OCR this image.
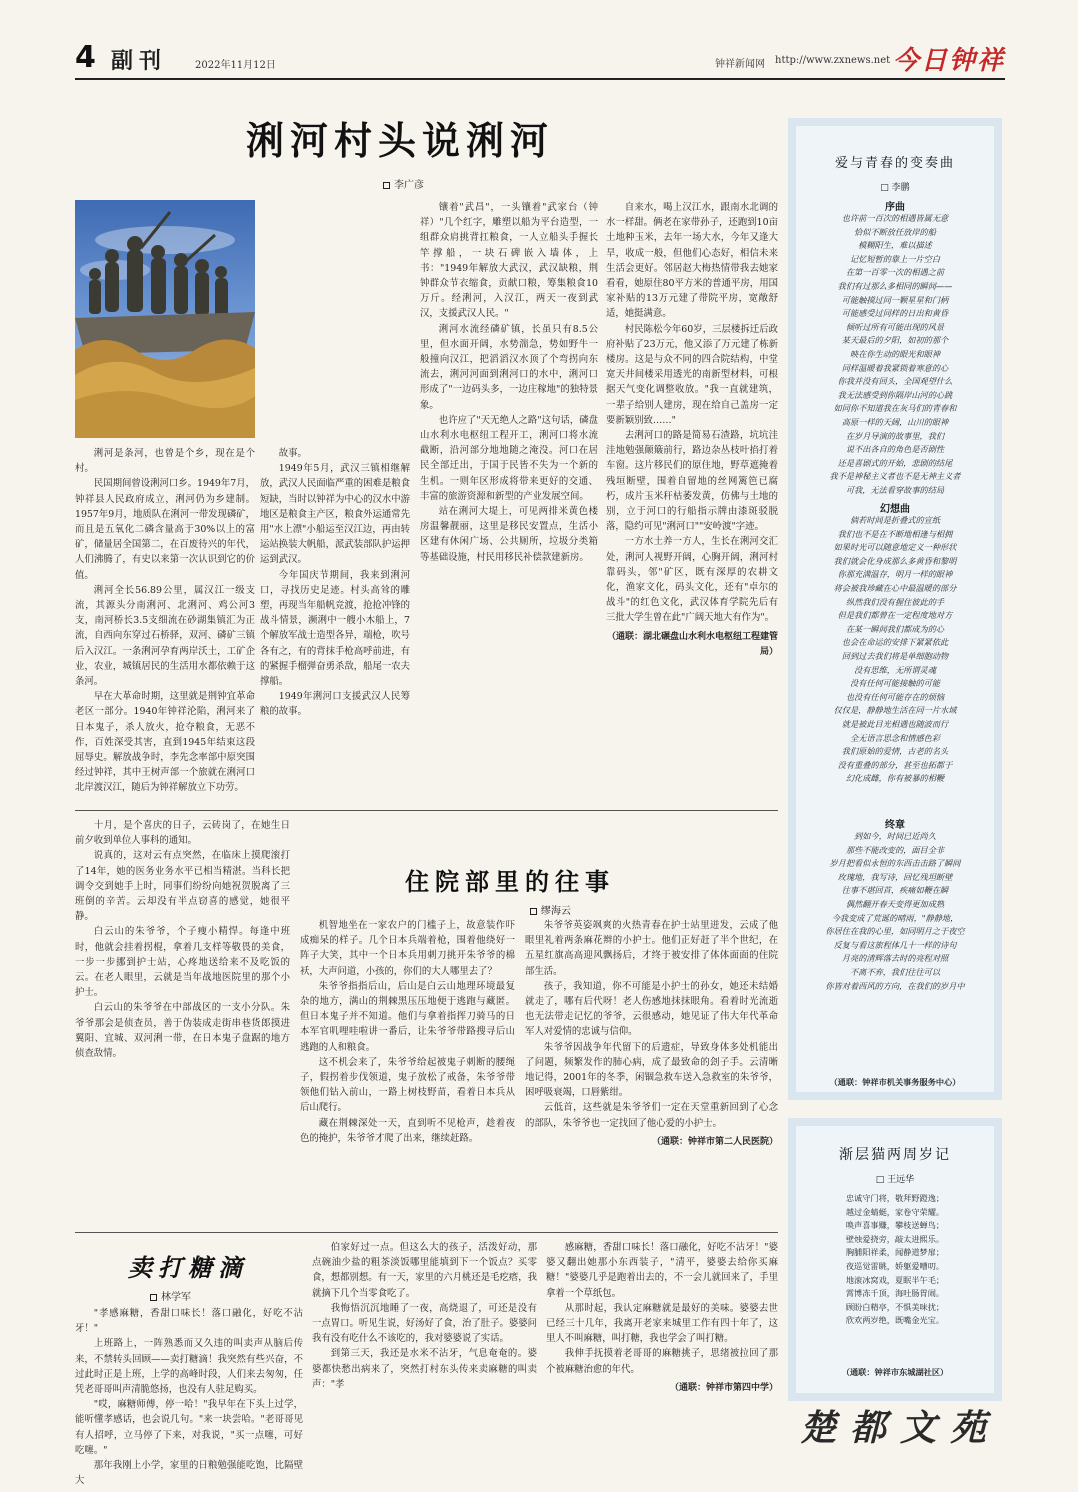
4 副刊	2022年11月12日	钟祥新闻网 http://www.zxnews.net 今日钟祥
浰河村头说浰河
李广彦

浰河是条河，也曾是个乡，现在是个村。

民国期间曾设浰河口乡。1949年7月，钟祥县人民政府成立，浰河仍为乡建制。1957年9月，地质队在浰河一带发现磷矿，而且是五氧化二磷含量高于30%以上的富矿，储量居全国第二，在百废待兴的年代，人们沸腾了，有史以来第一次认识到它的价值。

浰河全长56.89公里，属汉江一级支流，其源头分南浰河、北浰河、鸡公河3支，南河桥长3.5支细流在砂湖集镇汇为正流，自西向东穿过石桥驿，双河、磷矿三镇后入汉江。一条浰河孕育两岸沃土，工矿企业，农业，城镇居民的生活用水都依赖于这条河。

早在大革命时期，这里就是荆钟宜革命老区一部分。1940年钟祥沦陷，浰河来了日本鬼子，杀人放火，抢夺粮食，无恶不作，百姓深受其害，直到1945年结束这段屈辱史。解放战争时，李先念率部中原突围经过钟祥，其中王树声部一个旅就在浰河口北岸渡汉江，随后为钟祥解放立下功劳。

故事。

1949年5月，武汉三镇相继解放，武汉人民面临严重的困难是粮食短缺，当时以钟祥为中心的汉水中游地区是粮食主产区，粮食外运通常先用"水上漂"小船运至汉江边，再由转运站换装大帆船，派武装部队护运押运到武汉。

今年国庆节期间，我来到浰河口，寻找历史足迹。村头高耸的雕塑，再现当年船帆竞渡，抢抢冲锋的战斗情景，濒浰中一艘小木船上，7个解放军战士造型各异，端枪，吹号各有之，有的背抹手枪高呼前进，有的紧握手榴弹奋勇杀敌，船尾一农夫撑船。

1949年浰河口支援武汉人民筹粮的故事。

镶着"武昌"，一头镶着"武家台（钟祥）"几个红字，雕塑以船为平台造型，一组群众肩挑背扛粮食，一人立船头手握长竿撑船，一块石碑嵌入墙体，上书："1949年解放大武汉，武汉缺粮，荆钟群众节衣缩食，贡献口粮，筹集粮食10万斤。经浰河，入汉江，两天一夜到武汉，支援武汉人民。"

浰河水流经磷矿镇，长虽只有8.5公里，但水面开阔，水势湍急，势如野牛一般撞向汉江，把滔滔汉水顶了个弯拐向东流去，浰河河面到浰河口的水中，浰河口形成了"一边码头多，一边庄稼地"的独特景象。

也许应了"天无绝人之路"这句话，磷盘山水利水电枢纽工程开工，浰河口将水流截断，沿河部分地地随之淹没。河口在居民全部迁出，于国于民皆不失为一个新的生机。一则年区形成将带来更好的交通、丰富的旅游资源和新型的产业发展空间。

站在浰河大堤上，可见两排米黄色楼房温馨靓丽，这里是移民安置点，生活小区建有休闲广场、公共厕所，垃圾分类箱等基础设施，村民用移民补偿款建新房。

自来水，喝上汉江水，跟南水北调的水一样甜。俩老在家带孙子，还跑到10亩土地种玉米，去年一场大水，今年又逢大旱，收成一般，但他们心态好，相信未来生活会更好。邻居赵大梅热情带我去她家看看，她原住80平方米的普通平房，用国家补贴的13万元建了带院平房，宽敞舒适，她挺满意。

村民陈松今年60岁，三层楼拆迁后政府补贴了23万元，他又添了万元建了栋新楼房。这是与众不同的四合院结构，中堂宽天井间楼采用透光的南新型材料，可根据天气变化调整收放。"我一直就建筑，一辈子给别人建房，现在给自己盖房一定要新颖别致……"

去浰河口的路是简易石渣路，坑坑洼洼地勉强颠簸前行，路边杂丛枝叶掐打着车窗。这片移民们的原住地，野草遮掩着残垣断壁，围着自留地的丝网篱笆已腐朽，成片玉米秆枯萎发黄，仿佛与土地的别，立于河口的行船指示牌由漆斑驳脱落，隐约可见"浰河口""安岭渡"字迹。

一方水土养一方人，生长在浰河交汇处，浰河人视野开阔，心胸开阔，浰河村靠码头，邻"矿区，既有深厚的农耕文化，渔家文化，码头文化，还有"卓尔的战斗"的红色文化，武汉体育学院先后有三批大学生曾在此"广阔天地大有作为"。

（通联：湖北碾盘山水利水电枢纽工程建管局）

住院部里的往事
缪海云

十月，是个喜庆的日子，云砖岗了，在她生日前夕收到单位人事科的通知。

说真的，这对云有点突然，在临床上摸爬滚打了14年，她的医务业务水平已相当精湛。当科长把调令交到她手上时，同事们纷纷向她祝贺脱离了三班倒的辛苦。云却没有半点窃喜的感觉，她很平静。

白云山的朱爷爷，个子瘦小精悍。每逢中班时，他就会挂着拐棍，拿着几支样等敬畏的美食，一步一步挪到护士站，心疼地送给来不及吃饭的云。在老人眼里，云就是当年战地医院里的那个小护士。

白云山的朱爷爷在中部战区的一支小分队。朱爷爷那会是侦查员，善于伪装成走街串巷货郎摸进翼阳、宜城、双河浰一带，在日本鬼子盘踞的地方侦查敌情。

机智地坐在一家农户的门槛子上，故意装作吓成痴呆的样子。几个日本兵端着枪，围着他绕好一阵子大笑，其中一个日本兵用刺刀挑开朱爷爷的棉袄，大声问道，小孩的，你们的大人哪里去了？

朱爷爷指指后山，后山是白云山地理环境最复杂的地方，满山的荆棘黑压压地便于逃跑与藏匿。但日本鬼子并不知道。他们与拿着指挥刀骑马的日本军官叽哩哇啦讲一番后，让朱爷爷带路搜寻后山逃跑的人和粮食。

这不机会来了，朱爷爷给起被鬼子刺断的腰绳子，假拐着步伐领道，鬼子放松了戒备，朱爷爷带领他们钻入前山，一路上树枝野苗，看着日本兵从后山爬行。

藏在荆棘深处一天，直到听不见枪声，趁着夜色的掩护，朱爷爷才爬了出来，继续赶路。

朱爷爷英姿飒爽的火热青春在护士站里迸发，云成了他眼里礼着两条麻花辫的小护士。他们正好赶了半个世纪，在五星红旗高高迎风飘扬后，才终于被安排了体体面面的住院部生活。

孩子，我知道，你不可能是小护士的孙女，她还未结婚就走了，哪有后代呀！老人伤感地抹抹眼角。看着时光流逝也无法带走记忆的爷爷，云很感动，她见证了伟大年代革命军人对爱情的忠诚与信仰。

朱爷爷因战争年代留下的后遗症，导致身体多处机能出了问题，频繁发作的肺心病，成了最致命的刽子手。云清晰地记得，2001年的冬季，闲锢急救车送入急救室的朱爷爷，困呼吸衰竭，口唇紫绀。

云低首，这些就是朱爷爷们一定在天堂重新回到了心念的部队，朱爷爷也一定找回了他心爱的小护士。

（通联：钟祥市第二人民医院）

卖打糖滴
林学军

"孝感麻糖，香甜口味长！落口融化，好吃不沾牙！"

上班路上，一阵熟悉而又久违的叫卖声从脑后传来，不禁转头回顾——卖打糖滴！我突然有些兴奋，不过此时正是上班，上学的高峰时段，人们来去匆匆，任凭老哥哥叫声清脆悠扬，也没有人驻足购买。

"哎，麻糖师傅，停一哈！"我早年在下头上过学，能听懂孝感话，也会说几句。"来一块尝哈。"老哥哥见有人招呼，立马停了下来，对我说，"买一点噻，可好吃噻。"

那年我刚上小学，家里的日粮勉强能吃饱，比隔壁大

伯家好过一点。但这么大的孩子，活泼好动，那点碗油少盐的粗茶淡饭哪里能填到下一个饭点？买零食，想都别想。有一天，家里的六月桃还是毛疙瘩，我就摘下几个当零食吃了。

我悔悟沉沉地睡了一夜，高烧退了，可还是没有一点胃口。听见生说，好汤好了食，治了肚子。婆婆问我有没有吃什么不该吃的，我对婆婆说了实话。

到第三天，我还是水米不沾牙，气息奄奄的。婆婆都快愁出病来了，突然打村东头传来卖麻糖的叫卖声："孝

感麻糖，香甜口味长！落口融化，好吃不沾牙！"婆婆又翻出她那小东西装子，"清平，婆婆去给你买麻糖！"婆婆几乎是跑着出去的，不一会儿就回来了，手里拿着一个草纸包。

从那时起，我认定麻糖就是最好的美味。婆婆去世已经三十几年，我离开老家来城里工作有四十年了，这里人不叫麻糖，叫打糖，我也学会了叫打糖。

我伸手抚摸着老哥哥的麻糖挑子，思绪被拉回了那个被麻糖治愈的年代。

（通联：钟祥市第四中学）

爱与青春的变奏曲
□ 李鹏
序曲
也许前一百次的相遇皆属无意
恰似不断放任放岸的船
模糊阳生，难以描述
记忆短暂的靠上一片空白
在第一百零一次的相遇之前
我们有过那么多相同的瞬间——
可能触摸过同一颗星星和门柄
可能感受过同样的日出和黄昏
倾听过所有可能出现的风景
某天最后的夕阳，如初的那个
映在你生动的眼光和眼神
同样温暖着我紧锁着寒意的心
你我并没有回头，全国观望什么
我无法感受到你隔岸山河的心跳
如同你不知道我在灰马们的青春和
高原一样的天阔，山川的眼神
在岁月导演的故事里，我们
说不出各自的角色是否剧性
还是喜剧式的开始，悲剧的结尾
我不是神秘主义者也不是无神主义者
可我，无法看穿故事的结局
幻想曲
倘若时间是折叠式的宣纸
我们也不是在不断地相逢与相拥
如果时光可以随意地定义一种形状
我们就会化身成那么多黄昏和黎明
你那充满温存，明月一样的眼神
将会被我珍藏在心中最温暖的部分
纵然我们没有握住彼此的手
但是我们都曾在一定程度地对方
在某一瞬间我们都成为的心
也会在命运的安排下紧紧依此
回到过去我们将是单细胞动物
没有思维，无所谓灵魂
没有任何可能接触的可能
也没有任何可能存在的烦恼
仅仅是，静静地生活在同一片水域
就是被此目光相遇也随波而行
全无语言思念和情感色彩
我们原始的爱情，古老的名头
没有重叠的部分，甚至也拓都于
幻化成雌，你有被暴的相鞭
终章
到如今，时间已近尚久
那些不能改变的，面目全非
岁月把看似永恒的东西击击路了瞬间
玫瑰地，我写诗，回忆残坦断壁
往事不堪回首，疾痛如鞭在瞬
偶然翻开春天变得更加成熟
今我变成了荒诞的晴雨，"静静地，
你居住在我的心里，如同明月之于夜空
反复与看这旅程体几十一样的诗句
月亮的清辉落去时的亮程对照
不离不弃，我们往往可以
你皆对着西风的方向，在我们的岁月中
（通联：钟祥市机关事务服务中心）
渐层猫两周岁记
□ 王远华
忠诚守门将，敬拜野蹬逸；
越过金蜻蜓，家卷守荣耀。
唤声喜事赚，攀枝送蝉鸟；
壁烛爱挠旁，敲太进熙乐。
胸脯阳祥柔，闻静道梦扉；
夜巡觉雷眺，娇躯爱嘈叨。
地滚冰窝戏，夏眠半午毛；
霄博冻千顶，海吐肠胃闹。
顾盼白精亭，不惧美味扰；
欣欢两岁绝，既嘴金光宝。
（通联：钟祥市东城湖社区）
楚都文苑
